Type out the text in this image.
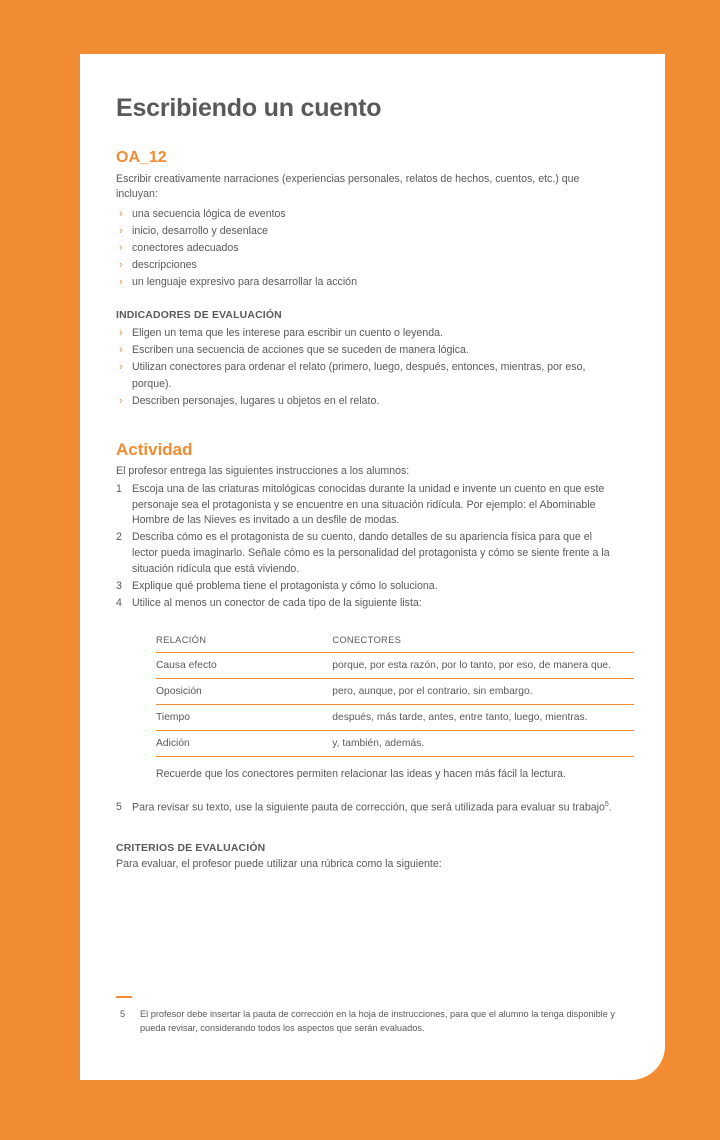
Escribiendo un cuento
OA_12

Escribir creativamente narraciones (experiencias personales, relatos de hechos, cuentos, etc.) que incluyan:

› una secuencia lógica de eventos
› inicio, desarrollo y desenlace
› conectores adecuados
› descripciones
› un lenguaje expresivo para desarrollar la acción
INDICADORES DE EVALUACIÓN
› Eligen un tema que les interese para escribir un cuento o leyenda.
› Escriben una secuencia de acciones que se suceden de manera lógica.
› Utilizan conectores para ordenar el relato (primero, luego, después, entonces, mientras, por eso, porque).
› Describen personajes, lugares u objetos en el relato.
Actividad

El profesor entrega las siguientes instrucciones a los alumnos:

Escoja una de las criaturas mitológicas conocidas durante la unidad e invente un cuento en que este personaje sea el protagonista y se encuentre en una situación ridícula. Por ejemplo: el Abominable Hombre de las Nieves es invitado a un desfile de modas.
Describa cómo es el protagonista de su cuento, dando detalles de su apariencia física para que el lector pueda imaginarlo. Señale cómo es la personalidad del protagonista y cómo se siente frente a la situación ridícula que está viviendo.
Explique qué problema tiene el protagonista y cómo lo soluciona.
Utilice al menos un conector de cada tipo de la siguiente lista:
RELACIÓN	CONECTORES
Causa efecto	porque, por esta razón, por lo tanto, por eso, de manera que.
Oposición	pero, aunque, por el contrario, sin embargo.
Tiempo	después, más tarde, antes, entre tanto, luego, mientras.
Adición	y, también, además.

Recuerde que los conectores permiten relacionar las ideas y hacen más fácil la lectura.

Para revisar su texto, use la siguiente pauta de corrección, que será utilizada para evaluar su trabajo$^5$.
CRITERIOS DE EVALUACIÓN

Para evaluar, el profesor puede utilizar una rúbrica como la siguiente:

5 El profesor debe insertar la pauta de corrección en la hoja de instrucciones, para que el alumno la tenga disponible y pueda revisar, considerando todos los aspectos que serán evaluados.
